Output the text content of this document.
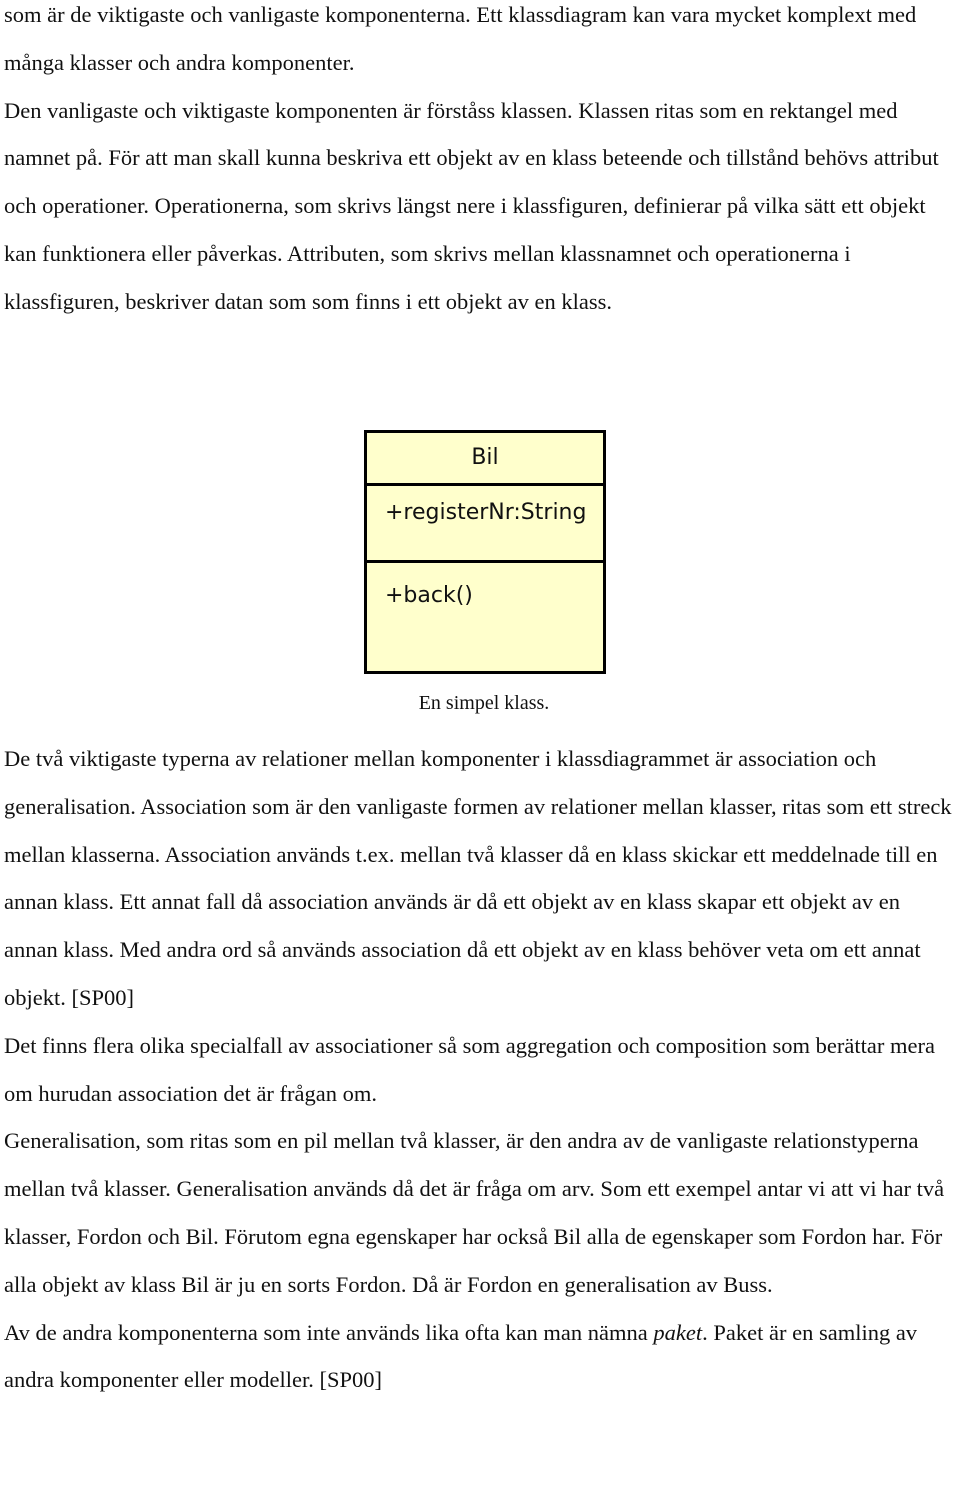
som är de viktigaste och vanligaste komponenterna. Ett klassdiagram kan vara mycket komplext med många klasser och andra komponenter.

Den vanligaste och viktigaste komponenten är förståss klassen. Klassen ritas som en rektangel med namnet på. För att man skall kunna beskriva ett objekt av en klass beteende och tillstånd behövs attribut och operationer. Operationerna, som skrivs längst nere i klassfiguren, definierar på vilka sätt ett objekt kan funktionera eller påverkas. Attributen, som skrivs mellan klassnamnet och operationerna i klassfiguren, beskriver datan som som finns i ett objekt av en klass.

Bil
+registerNr:String
+back()
En simpel klass.

De två viktigaste typerna av relationer mellan komponenter i klassdiagrammet är association och generalisation. Association som är den vanligaste formen av relationer mellan klasser, ritas som ett streck mellan klasserna. Association används t.ex. mellan två klasser då en klass skickar ett meddelnade till en annan klass. Ett annat fall då association används är då ett objekt av en klass skapar ett objekt av en annan klass. Med andra ord så används association då ett objekt av en klass behöver veta om ett annat objekt. [SP00]

Det finns flera olika specialfall av associationer så som aggregation och composition som berättar mera om hurudan association det är frågan om.

Generalisation, som ritas som en pil mellan två klasser, är den andra av de vanligaste relationstyperna mellan två klasser. Generalisation används då det är fråga om arv. Som ett exempel antar vi att vi har två klasser, Fordon och Bil. Förutom egna egenskaper har också Bil alla de egenskaper som Fordon har. För alla objekt av klass Bil är ju en sorts Fordon. Då är Fordon en generalisation av Buss.

Av de andra komponenterna som inte används lika ofta kan man nämna paket. Paket är en samling av andra komponenter eller modeller. [SP00]
